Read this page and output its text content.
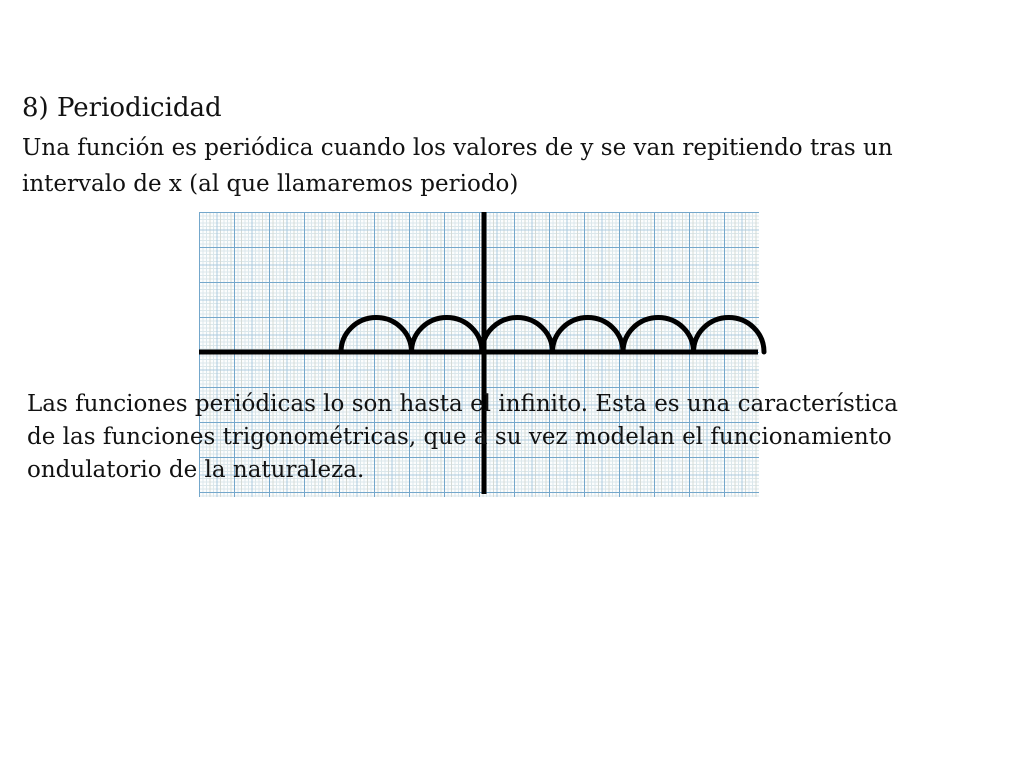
8) Periodicidad
Una función es periódica cuando los valores de y se van repitiendo tras un
intervalo de x (al que llamaremos periodo)
Las funciones periódicas lo son hasta el infinito. Esta es una característica
de las funciones trigonométricas, que a su vez modelan el funcionamiento
ondulatorio de la naturaleza.
